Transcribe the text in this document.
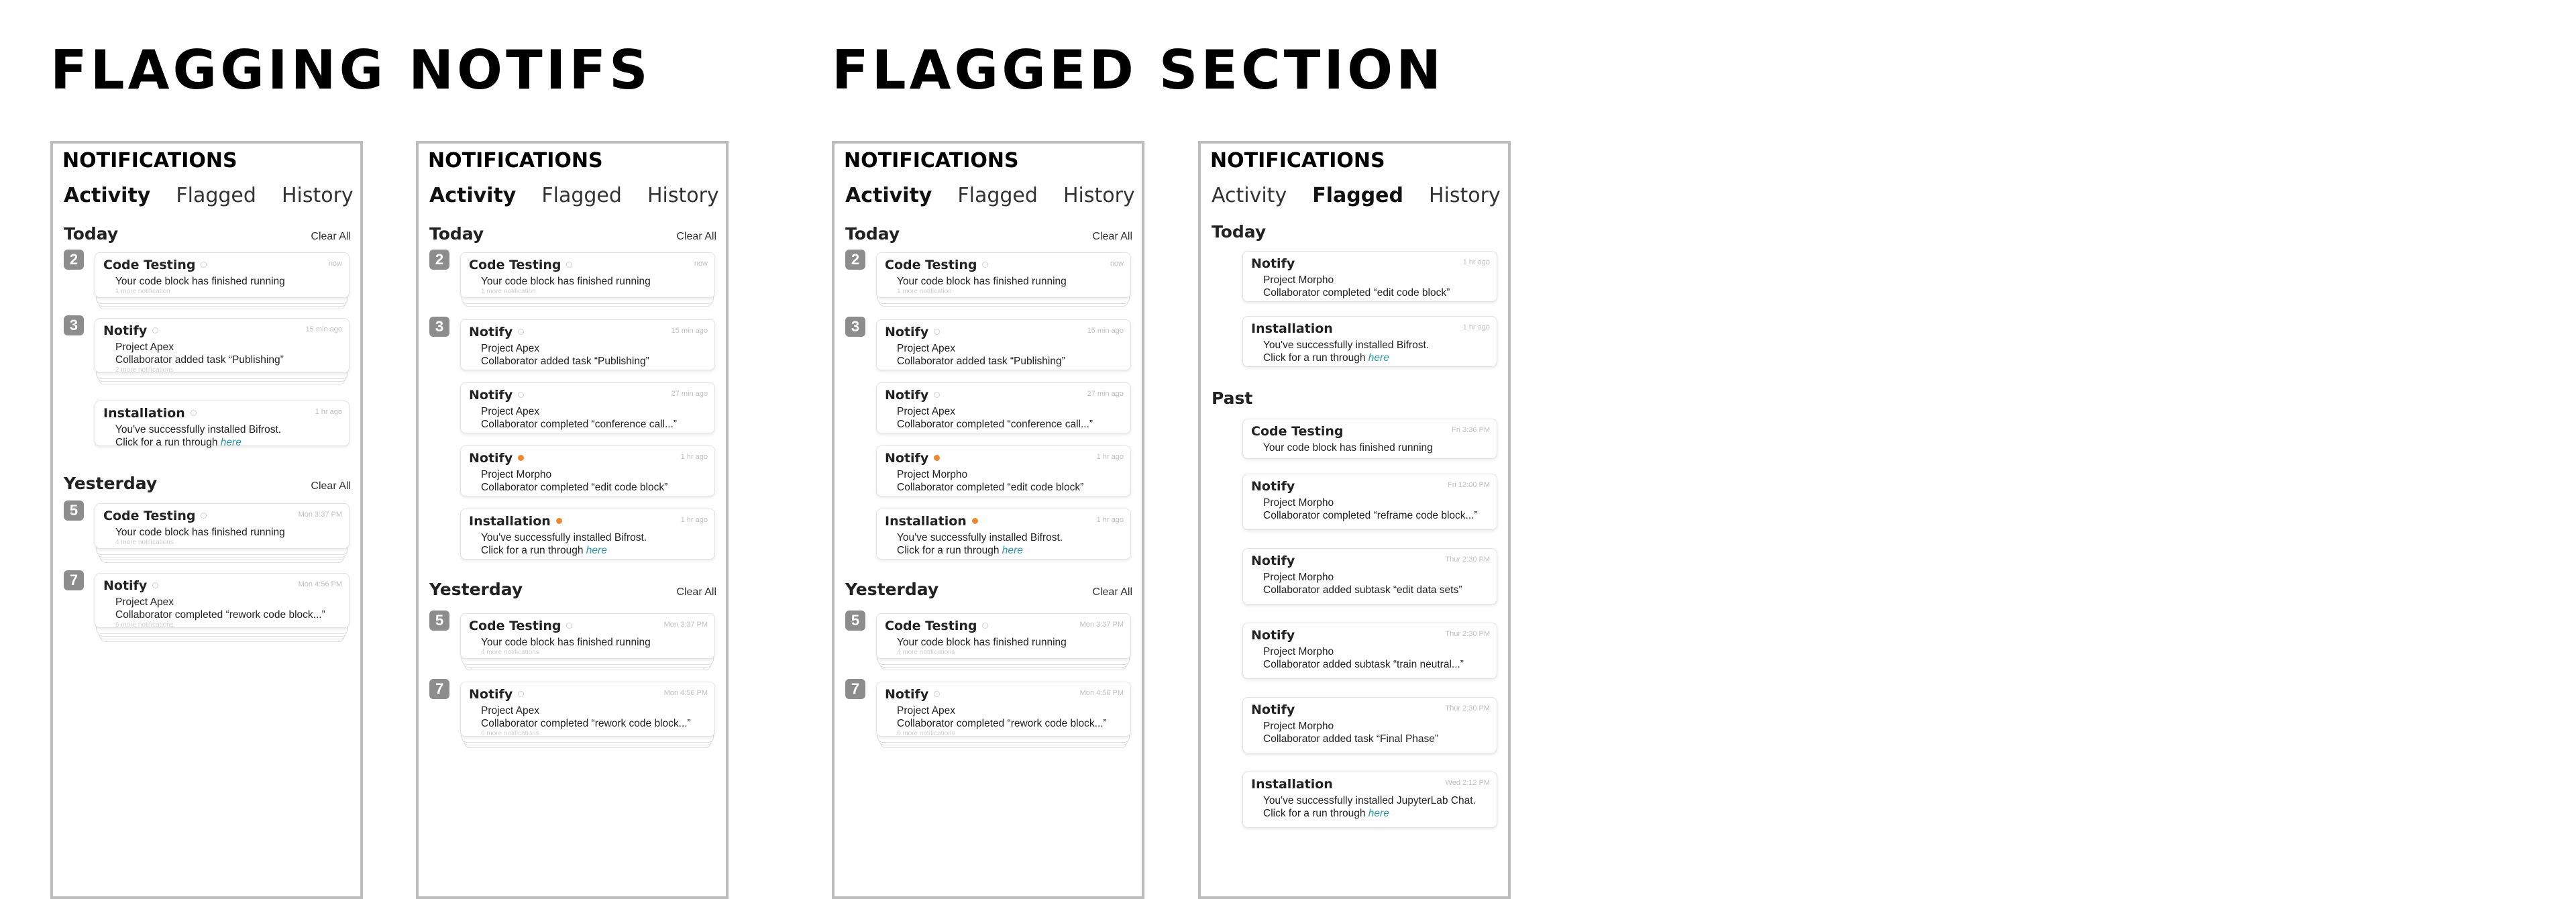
FLAGGING NOTIFS	FLAGGED SECTION
NOTIFICATIONS
Activity Flagged History
Today	Clear All
2	Code Testing	now
Your code block has finished running
1 more notification
3	Notify	15 min ago
Project Apex
Collaborator added task “Publishing”
2 more notifications

Installation	1 hr ago
You've successfully installed Bifrost.
Click for a run through here
Yesterday	Clear All
5	Code Testing	Mon 3:37 PM
Your code block has finished running
4 more notifications
7	Notify	Mon 4:56 PM
Project Apex
Collaborator completed “rework code block...”
6 more notifications
NOTIFICATIONS
Activity Flagged History
Today	Clear All
2	Code Testing	now
Your code block has finished running
1 more notification
3	Notify	15 min ago
Project Apex
Collaborator added task “Publishing”

Notify	27 min ago
Project Apex
Collaborator completed “conference call...”

Notify	1 hr ago
Project Morpho
Collaborator completed “edit code block”

Installation	1 hr ago
You've successfully installed Bifrost.
Click for a run through here
Yesterday	Clear All
5	Code Testing	Mon 3:37 PM
Your code block has finished running
4 more notifications
7	Notify	Mon 4:56 PM
Project Apex
Collaborator completed “rework code block...”
6 more notifications
NOTIFICATIONS
Activity Flagged History
Today	Clear All
2	Code Testing	now
Your code block has finished running
1 more notification
3	Notify	15 min ago
Project Apex
Collaborator added task “Publishing”

Notify	27 min ago
Project Apex
Collaborator completed “conference call...”

Notify	1 hr ago
Project Morpho
Collaborator completed “edit code block”

Installation	1 hr ago
You've successfully installed Bifrost.
Click for a run through here
Yesterday	Clear All
5	Code Testing	Mon 3:37 PM
Your code block has finished running
4 more notifications
7	Notify	Mon 4:56 PM
Project Apex
Collaborator completed “rework code block...”
6 more notifications
NOTIFICATIONS
Activity Flagged History
Today

Notify	1 hr ago
Project Morpho
Collaborator completed “edit code block”

Installation	1 hr ago
You've successfully installed Bifrost.
Click for a run through here
Past

Code Testing	Fri 3:36 PM
Your code block has finished running

Notify	Fri 12:00 PM
Project Morpho
Collaborator completed “reframe code block...”

Notify	Thur 2:30 PM
Project Morpho
Collaborator added subtask “edit data sets”

Notify	Thur 2:30 PM
Project Morpho
Collaborator added subtask “train neutral...”

Notify	Thur 2:30 PM
Project Morpho
Collaborator added task “Final Phase”

Installation	Wed 2:12 PM
You've successfully installed JupyterLab Chat.
Click for a run through here
